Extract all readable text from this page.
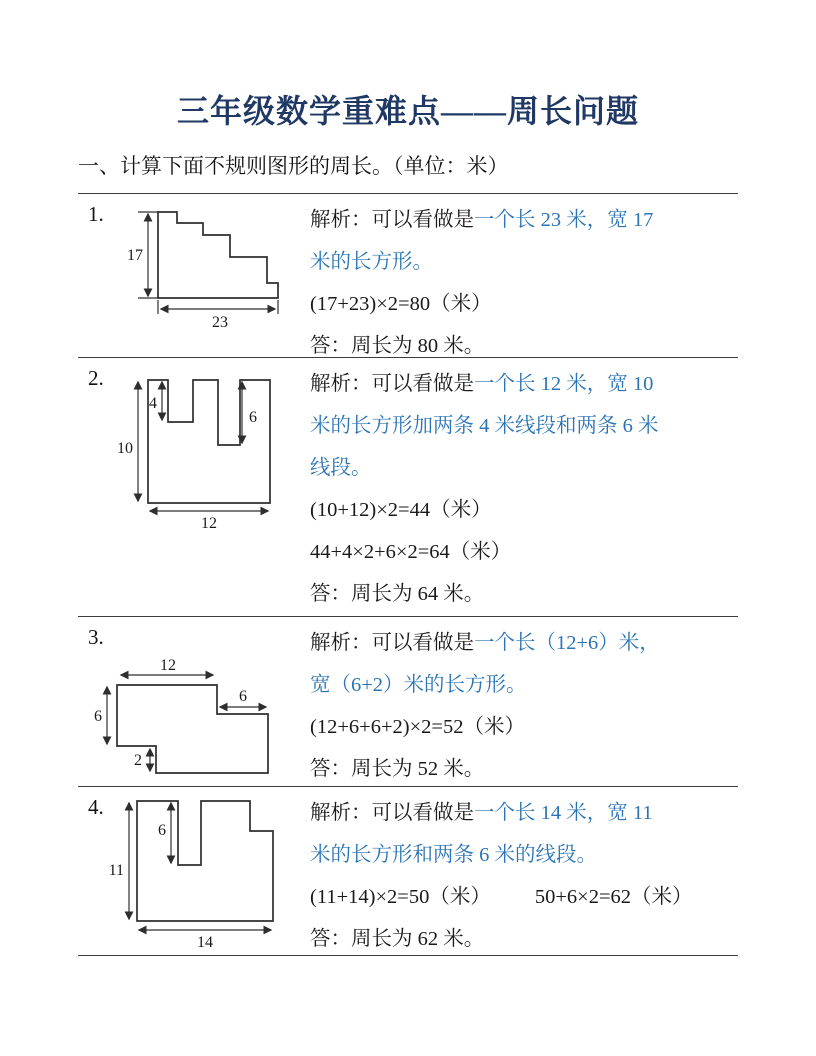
三年级数学重难点——周长问题
一、计算下面不规则图形的周长。（单位：米）
1.
17
23
解析：可以看做是一个长 23 米，宽 17
米的长方形。
(17+23)×2=80（米）
答：周长为 80 米。
2.
4
6
10
12
解析：可以看做是一个长 12 米，宽 10
米的长方形加两条 4 米线段和两条 6 米
线段。
(10+12)×2=44（米）
44+4×2+6×2=64（米）
答：周长为 64 米。
3.
12
6
6
2
解析：可以看做是一个长（12+6）米，
宽（6+2）米的长方形。
(12+6+6+2)×2=52（米）
答：周长为 52 米。
4.
6
11
14
解析：可以看做是一个长 14 米，宽 11
米的长方形和两条 6 米的线段。
(11+14)×2=50（米） 50+6×2=62（米）
答：周长为 62 米。
